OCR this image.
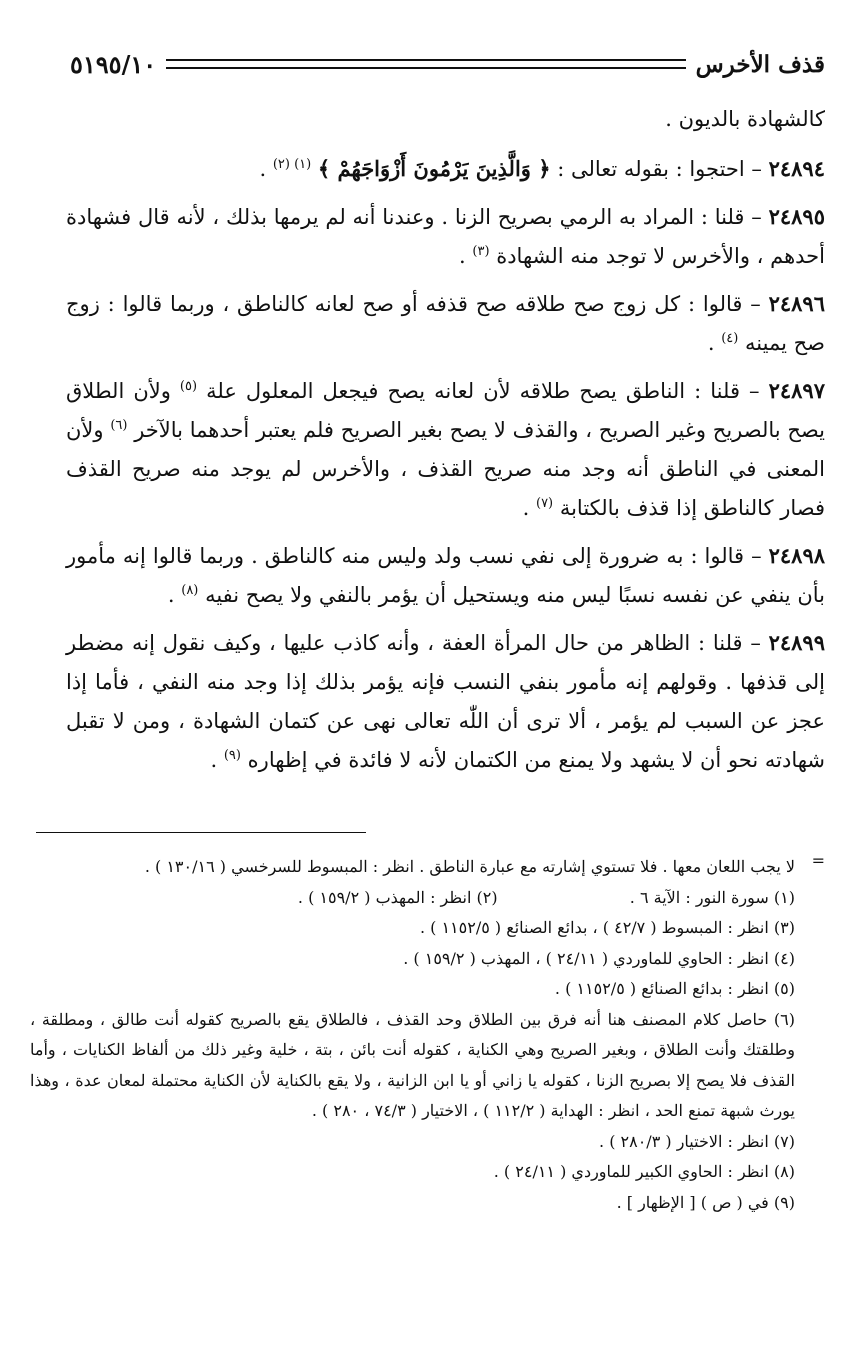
قذف الأخرس
٥١٩٥/١٠

كالشهادة بالديون .

٢٤٨٩٤ – احتجوا : بقوله تعالى : ﴿ وَالَّذِينَ يَرْمُونَ أَزْوَاجَهُمْ ﴾ $^{(١) (٢)}$ .

٢٤٨٩٥ – قلنا : المراد به الرمي بصريح الزنا . وعندنا أنه لم يرمها بذلك ، لأنه قال فشهادة أحدهم ، والأخرس لا توجد منه الشهادة $^{(٣)}$ .

٢٤٨٩٦ – قالوا : كل زوج صح طلاقه صح قذفه أو صح لعانه كالناطق ، وربما قالوا : زوج صح يمينه $^{(٤)}$ .

٢٤٨٩٧ – قلنا : الناطق يصح طلاقه لأن لعانه يصح فيجعل المعلول علة $^{(٥)}$ ولأن الطلاق يصح بالصريح وغير الصريح ، والقذف لا يصح بغير الصريح فلم يعتبر أحدهما بالآخر $^{(٦)}$ ولأن المعنى في الناطق أنه وجد منه صريح القذف ، والأخرس لم يوجد منه صريح القذف فصار كالناطق إذا قذف بالكتابة $^{(٧)}$ .

٢٤٨٩٨ – قالوا : به ضرورة إلى نفي نسب ولد وليس منه كالناطق . وربما قالوا إنه مأمور بأن ينفي عن نفسه نسبًا ليس منه ويستحيل أن يؤمر بالنفي ولا يصح نفيه $^{(٨)}$ .

٢٤٨٩٩ – قلنا : الظاهر من حال المرأة العفة ، وأنه كاذب عليها ، وكيف نقول إنه مضطر إلى قذفها . وقولهم إنه مأمور بنفي النسب فإنه يؤمر بذلك إذا وجد منه النفي ، فأما إذا عجز عن السبب لم يؤمر ، ألا ترى أن اللّٰه تعالى نهى عن كتمان الشهادة ، ومن لا تقبل شهادته نحو أن لا يشهد ولا يمنع من الكتمان لأنه لا فائدة في إظهاره $^{(٩)}$ .

=
لا يجب اللعان معها . فلا تستوي إشارته مع عبارة الناطق . انظر : المبسوط للسرخسي ( ١٣٠/١٦ ) .
(١) سورة النور : الآية ٦ .                          (٢) انظر : المهذب ( ١٥٩/٢ ) .
(٣) انظر : المبسوط ( ٤٢/٧ ) ، بدائع الصنائع ( ١١٥٢/٥ ) .
(٤) انظر : الحاوي للماوردي ( ٢٤/١١ ) ، المهذب ( ١٥٩/٢ ) .
(٥) انظر : بدائع الصنائع ( ١١٥٢/٥ ) .
(٦) حاصل كلام المصنف هنا أنه فرق بين الطلاق وحد القذف ، فالطلاق يقع بالصريح كقوله أنت طالق ، ومطلقة ، وطلقتك وأنت الطلاق ، وبغير الصريح وهي الكناية ، كقوله أنت بائن ، بتة ، خلية وغير ذلك من ألفاظ الكنايات ، وأما القذف فلا يصح إلا بصريح الزنا ، كقوله يا زاني أو يا ابن الزانية ، ولا يقع بالكناية لأن الكناية محتملة لمعان عدة ، وهذا يورث شبهة تمنع الحد ، انظر : الهداية ( ١١٢/٢ ) ، الاختيار ( ٧٤/٣ ، ٢٨٠ ) .
(٧) انظر : الاختيار ( ٢٨٠/٣ ) .
(٨) انظر : الحاوي الكبير للماوردي ( ٢٤/١١ ) .
(٩) في ( ص ) [ الإظهار ] .
